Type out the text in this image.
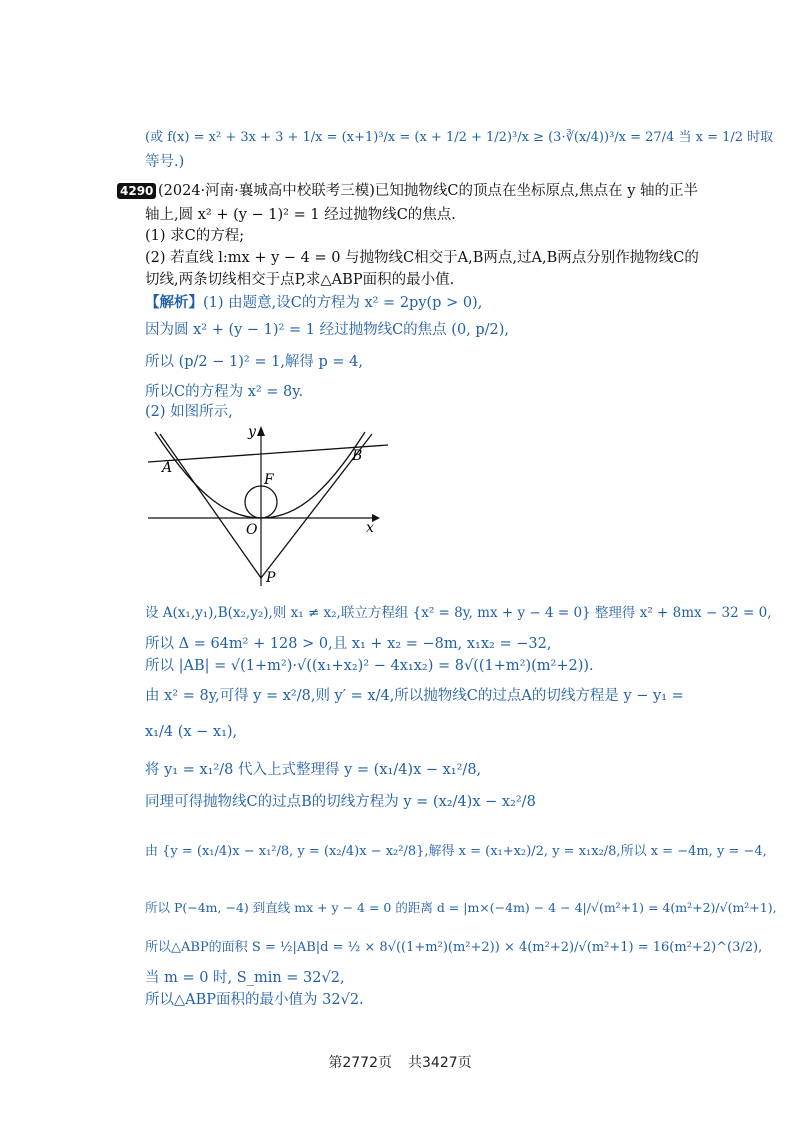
(或 f(x) = x² + 3x + 3 + 1/x = (x+1)³/x = (x + 1/2 + 1/2)³/x ≥ (3·∛(x/4))³/x = 27/4 当 x = 1/2 时取
等号.)
4290 (2024·河南·襄城高中校联考三模)已知抛物线C的顶点在坐标原点,焦点在 y 轴的正半
轴上,圆 x² + (y − 1)² = 1 经过抛物线C的焦点.
(1) 求C的方程;
(2) 若直线 l:mx + y − 4 = 0 与抛物线C相交于A,B两点,过A,B两点分别作抛物线C的
切线,两条切线相交于点P,求△ABP面积的最小值.
【解析】(1) 由题意,设C的方程为 x² = 2py(p > 0),
因为圆 x² + (y − 1)² = 1 经过抛物线C的焦点 (0, p/2),
所以 (p/2 − 1)² = 1,解得 p = 4,
所以C的方程为 x² = 8y.
(2) 如图所示,
y
x
A
B
F
O
P
设 A(x₁,y₁),B(x₂,y₂),则 x₁ ≠ x₂,联立方程组 {x² = 8y, mx + y − 4 = 0} 整理得 x² + 8mx − 32 = 0,
所以 Δ = 64m² + 128 > 0,且 x₁ + x₂ = −8m, x₁x₂ = −32,
所以 |AB| = √(1+m²)·√((x₁+x₂)² − 4x₁x₂) = 8√((1+m²)(m²+2)).
由 x² = 8y,可得 y = x²/8,则 y′ = x/4,所以抛物线C的过点A的切线方程是 y − y₁ =
x₁/4 (x − x₁),
将 y₁ = x₁²/8 代入上式整理得 y = (x₁/4)x − x₁²/8,
同理可得抛物线C的过点B的切线方程为 y = (x₂/4)x − x₂²/8
由 {y = (x₁/4)x − x₁²/8, y = (x₂/4)x − x₂²/8},解得 x = (x₁+x₂)/2, y = x₁x₂/8,所以 x = −4m, y = −4,
所以 P(−4m, −4) 到直线 mx + y − 4 = 0 的距离 d = |m×(−4m) − 4 − 4|/√(m²+1) = 4(m²+2)/√(m²+1),
所以△ABP的面积 S = ½|AB|d = ½ × 8√((1+m²)(m²+2)) × 4(m²+2)/√(m²+1) = 16(m²+2)^(3/2),
当 m = 0 时, S_min = 32√2,
所以△ABP面积的最小值为 32√2.
第2772页 共3427页
